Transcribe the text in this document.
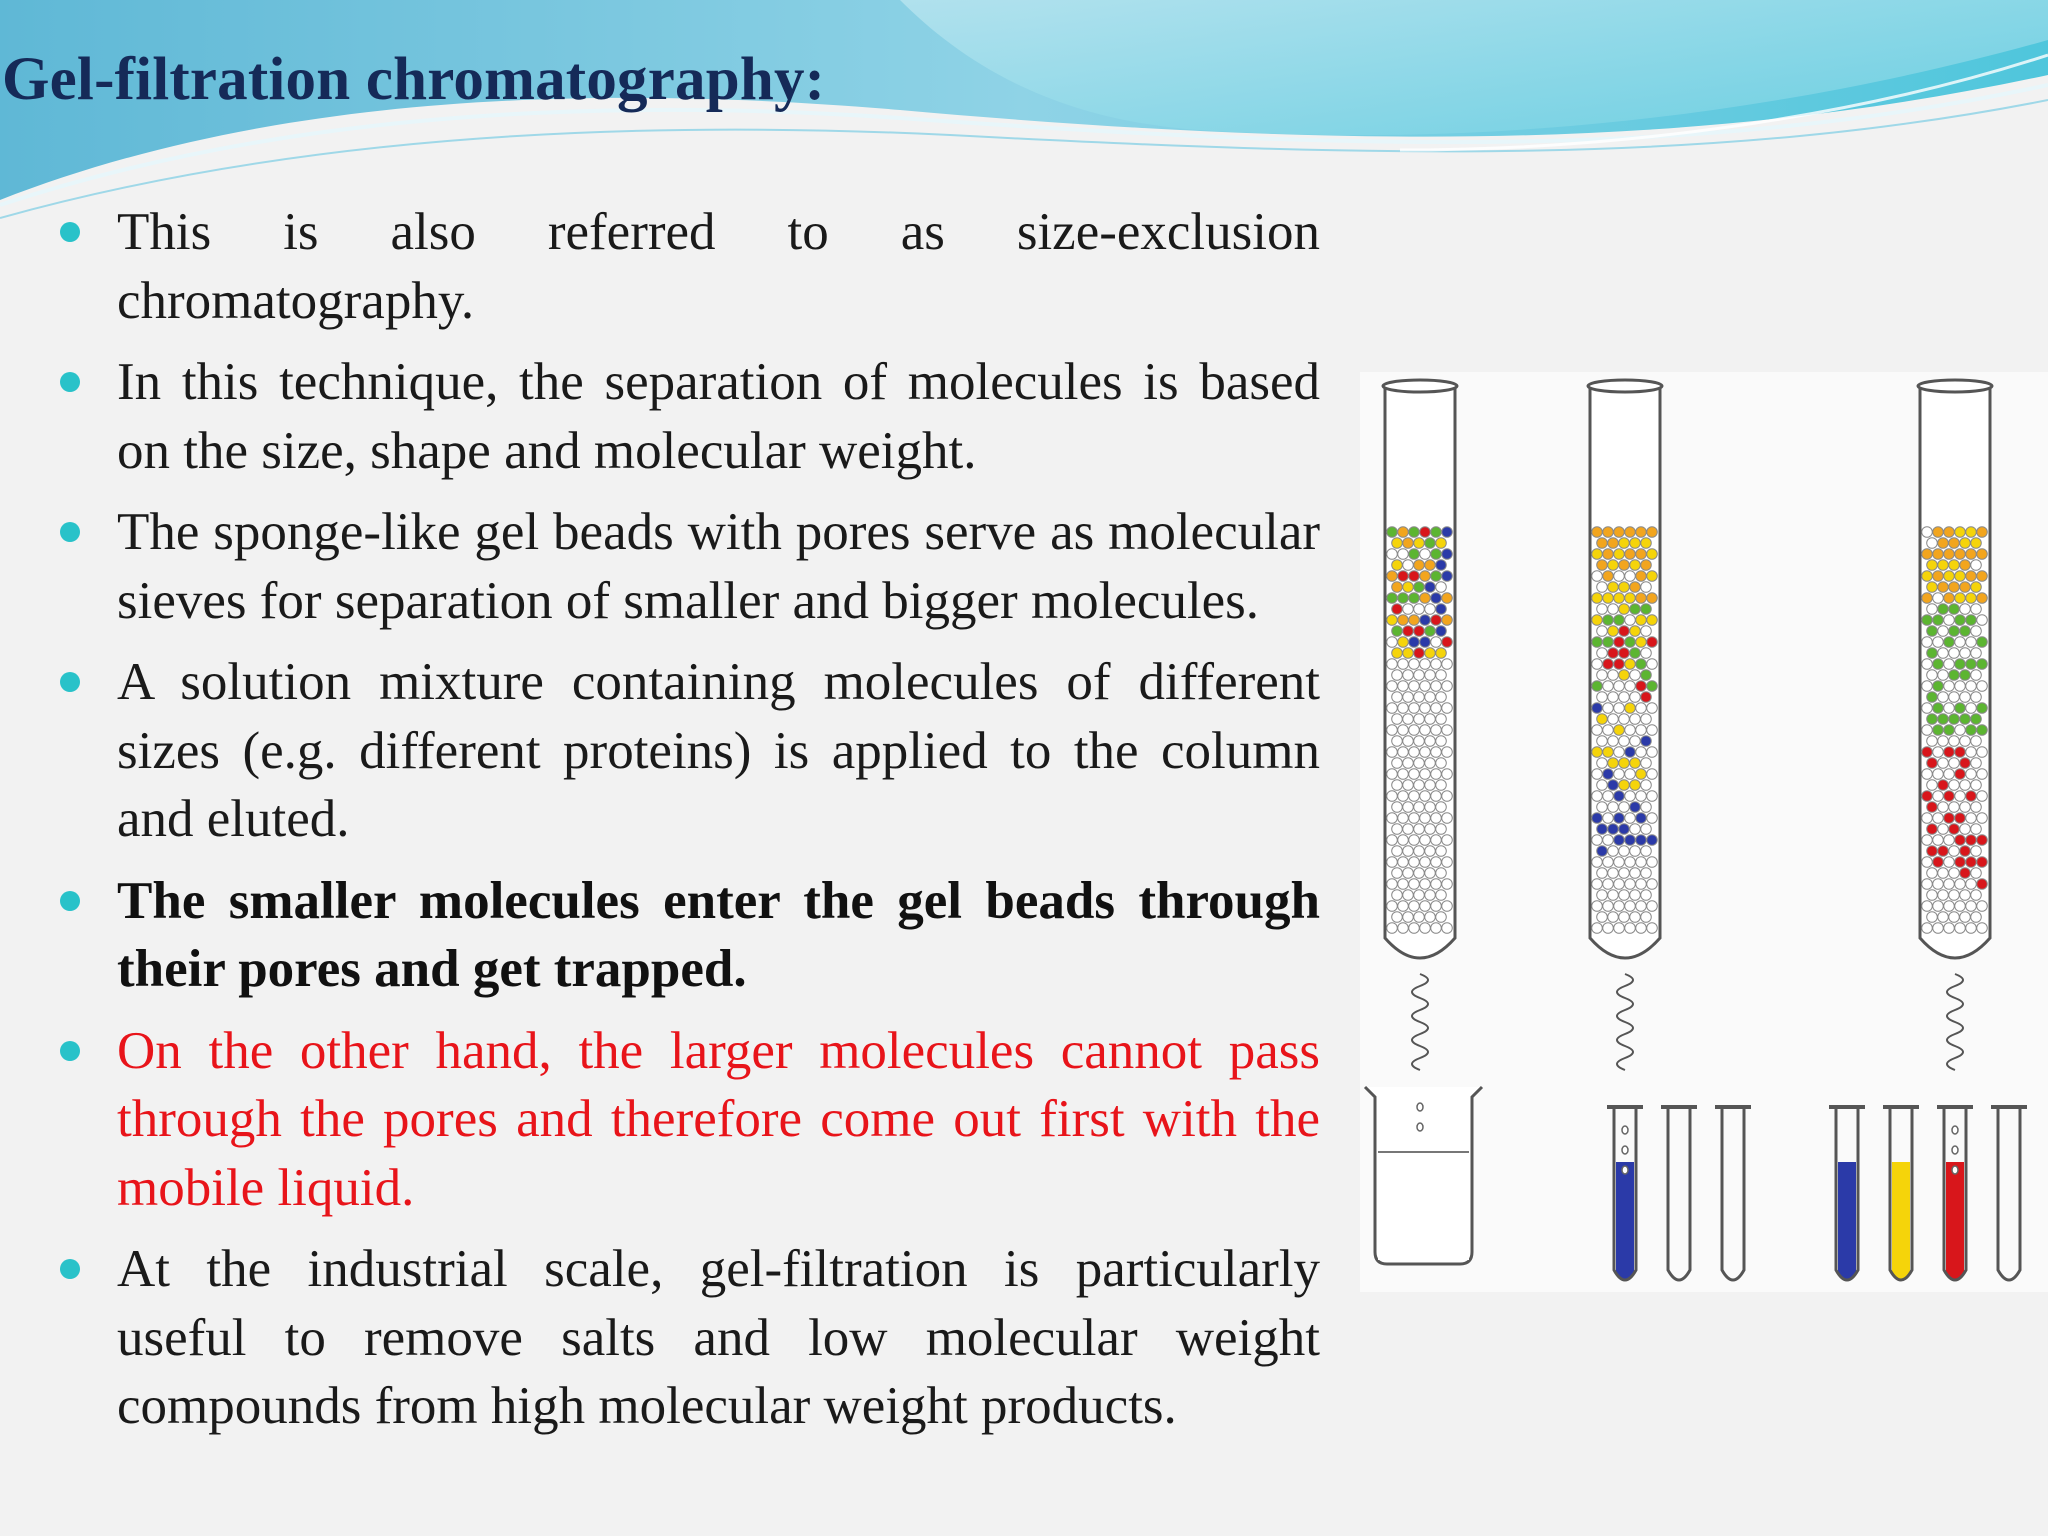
Gel-filtration chromatography:
This is also referred to as size-exclusion chromatography.
In this technique, the separation of molecules is based on the size, shape and molecular weight.
The sponge-like gel beads with pores serve as molecular sieves for separation of smaller and bigger molecules.
A solution mixture containing molecules of different sizes (e.g. different proteins) is applied to the column and eluted.
The smaller molecules enter the gel beads through their pores and get trapped.
On the other hand, the larger molecules cannot pass through the pores and therefore come out first with the mobile liquid.
At the industrial scale, gel-filtration is particularly useful to remove salts and low molecular weight compounds from high molecular weight products.
